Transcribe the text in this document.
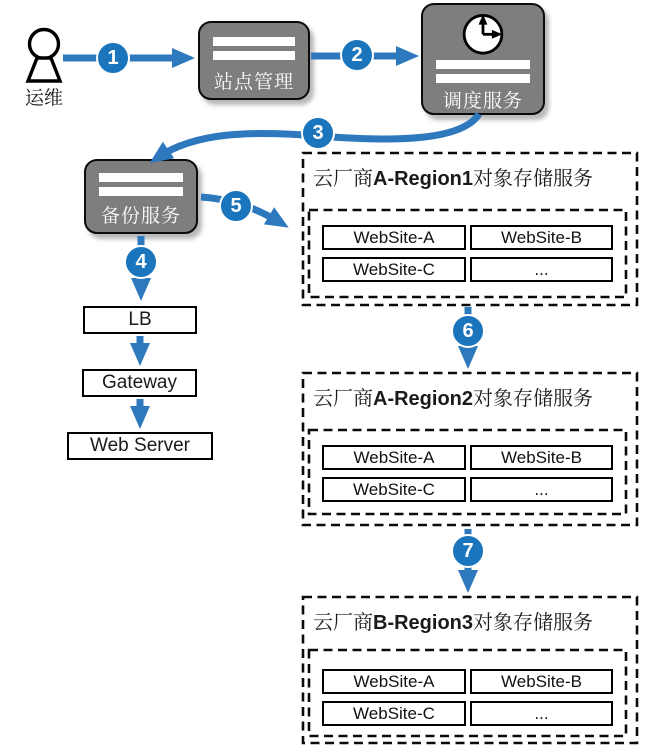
运维
站点管理
调度服务
备份服务
LB
Gateway
Web Server
云厂商A-Region1对象存储服务
WebSite-A	WebSite-B
WebSite-C	...
云厂商A-Region2对象存储服务
WebSite-A	WebSite-B
WebSite-C	...
云厂商B-Region3对象存储服务
WebSite-A	WebSite-B
WebSite-C	...
1	2
3
4
5
6
7
